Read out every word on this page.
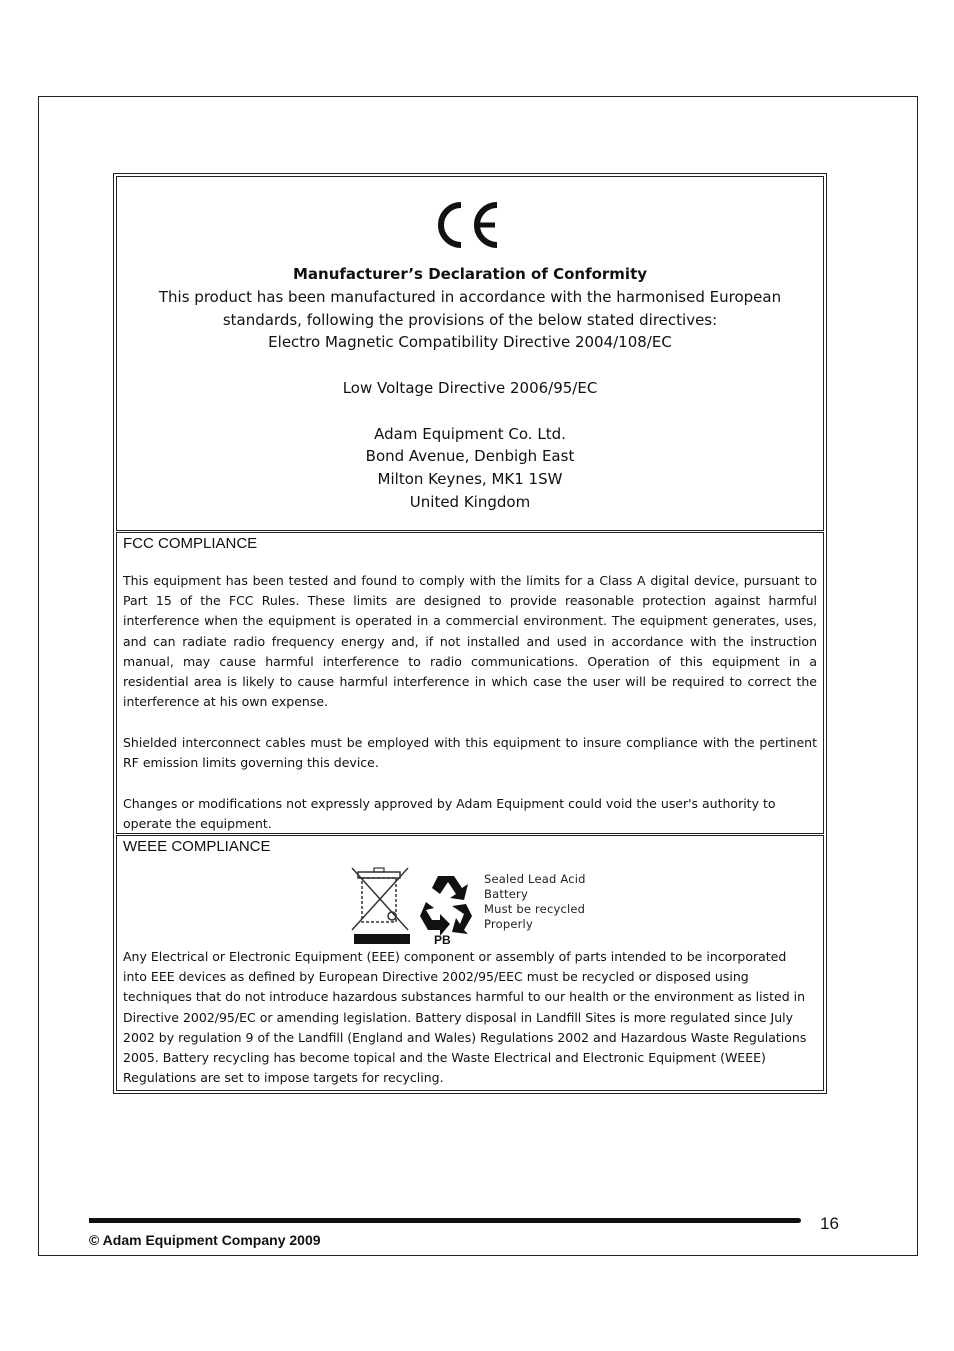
Manufacturer’s Declaration of Conformity
This product has been manufactured in accordance with the harmonised European
standards, following the provisions of the below stated directives:
Electro Magnetic Compatibility Directive 2004/108/EC
Low Voltage Directive 2006/95/EC
Adam Equipment Co. Ltd.
Bond Avenue, Denbigh East
Milton Keynes, MK1 1SW
United Kingdom
FCC COMPLIANCE
This equipment has been tested and found to comply with the limits for a Class A digital device, pursuant to Part 15 of the FCC Rules. These limits are designed to provide reasonable protection against harmful interference when the equipment is operated in a commercial environment. The equipment generates, uses, and can radiate radio frequency energy and, if not installed and used in accordance with the instruction manual, may cause harmful interference to radio communications. Operation of this equipment in a residential area is likely to cause harmful interference in which case the user will be required to correct the interference at his own expense.
Shielded interconnect cables must be employed with this equipment to insure compliance with the pertinent RF emission limits governing this device.
Changes or modifications not expressly approved by Adam Equipment could void the user's authority to operate the equipment.
WEEE COMPLIANCE
PB
Sealed Lead Acid
Battery
Must be recycled
Properly
Any Electrical or Electronic Equipment (EEE) component or assembly of parts intended to be incorporated into EEE devices as defined by European Directive 2002/95/EEC must be recycled or disposed using techniques that do not introduce hazardous substances harmful to our health or the environment as listed in Directive 2002/95/EC or amending legislation. Battery disposal in Landfill Sites is more regulated since July 2002 by regulation 9 of the Landfill (England and Wales) Regulations 2002 and Hazardous Waste Regulations 2005. Battery recycling has become topical and the Waste Electrical and Electronic Equipment (WEEE) Regulations are set to impose targets for recycling.
16
© Adam Equipment Company 2009
